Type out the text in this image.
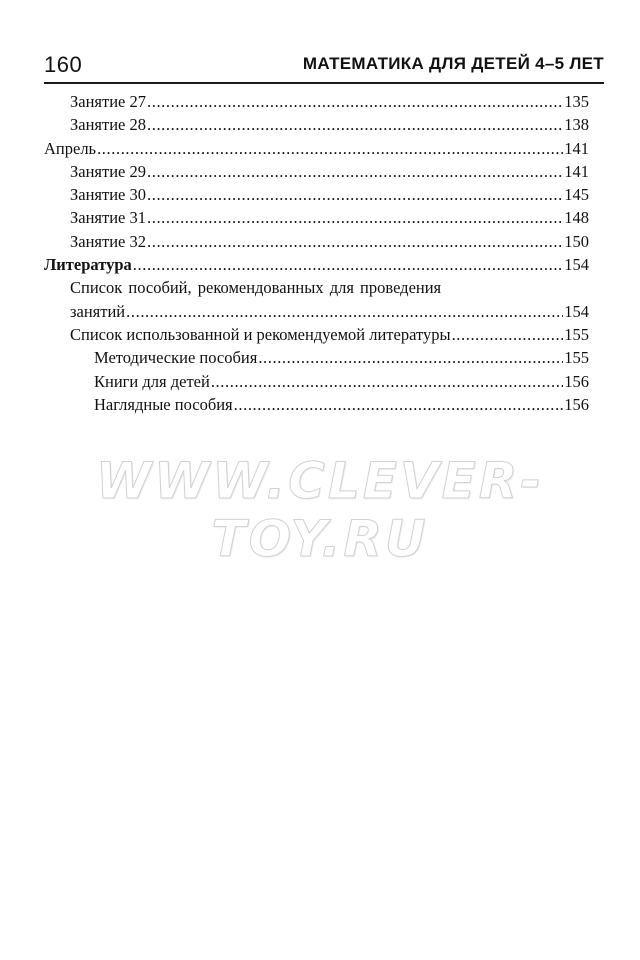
160	МАТЕМАТИКА ДЛЯ ДЕТЕЙ 4–5 ЛЕТ
Занятие 27 .....	135
Занятие 28 .....	138
Апрель .....	141
Занятие 29 .....	141
Занятие 30 .....	145
Занятие 31 .....	148
Занятие 32 .....	150
Литература .....	154
Список пособий, рекомендованных для проведения
занятий .....	154
Список использованной и рекомендуемой литературы .....	155
Методические пособия .....	155
Книги для детей .....	156
Наглядные пособия .....	156
WWW.CLEVER-TOY.RU
